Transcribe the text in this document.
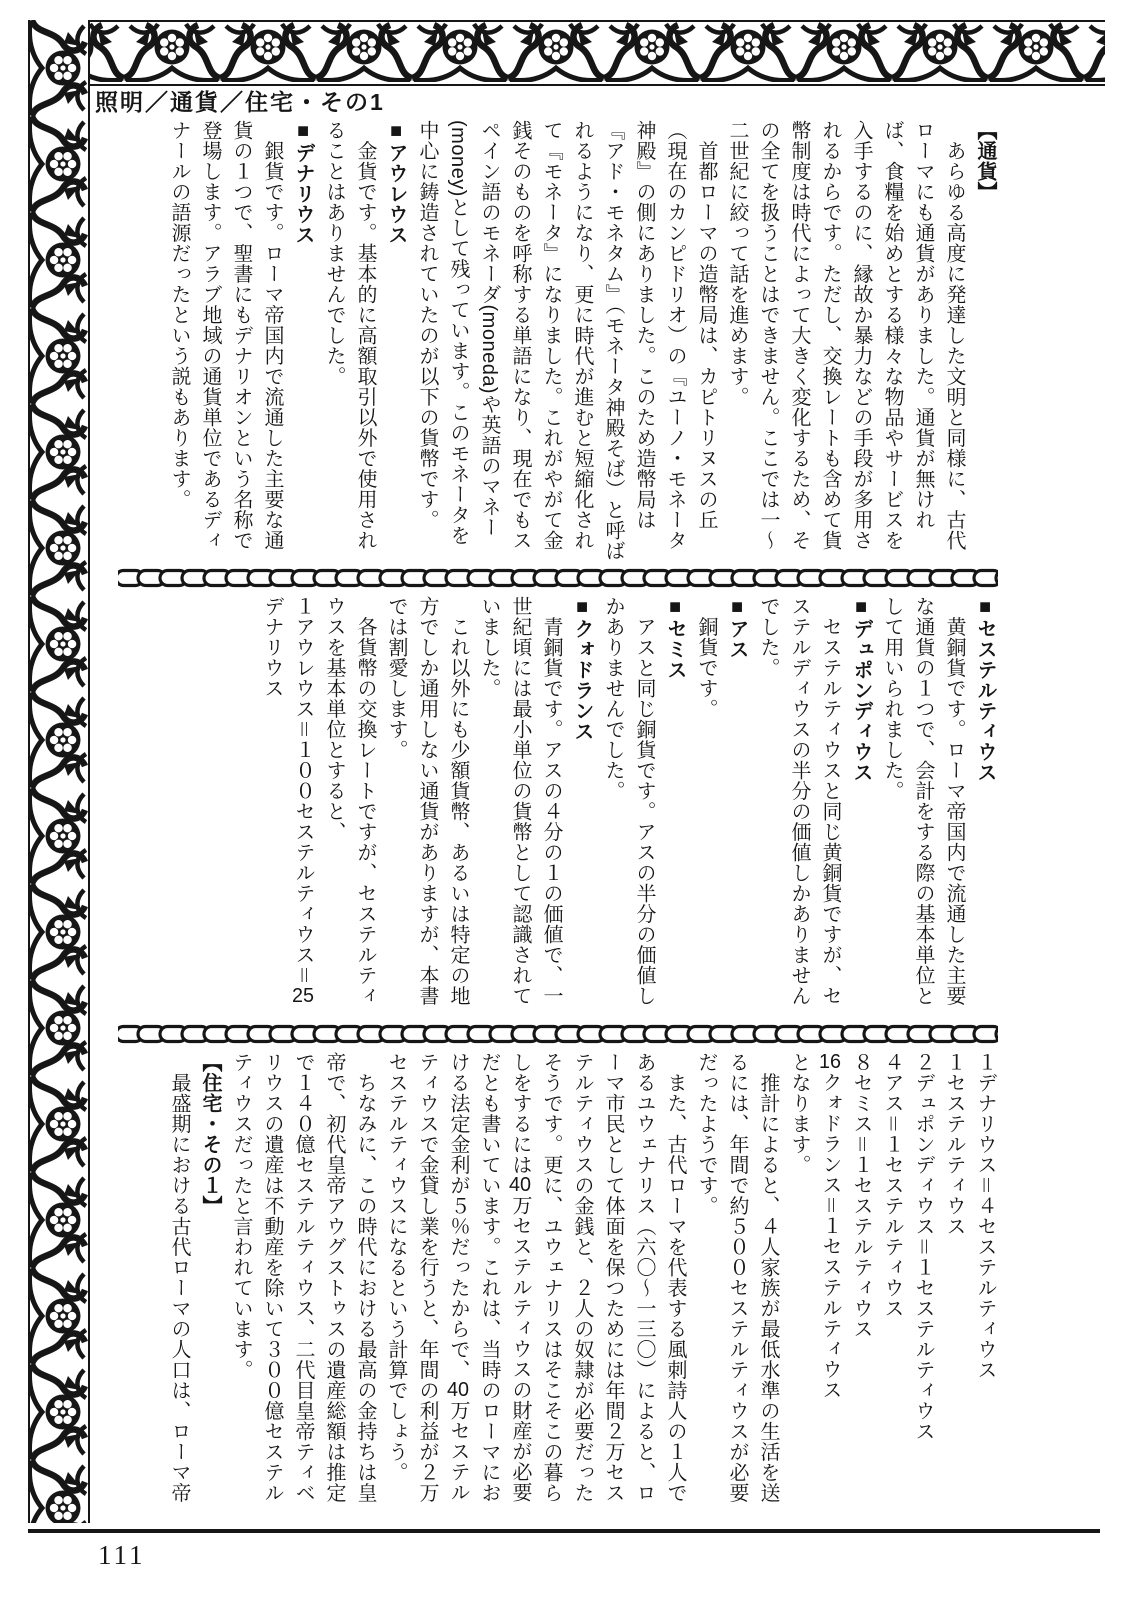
照明／通貨／住宅・その1

【通貨】

　あらゆる高度に発達した文明と同様に、古代ローマにも通貨がありました。通貨が無ければ、食糧を始めとする様々な物品やサービスを入手するのに、縁故か暴力などの手段が多用されるからです。ただし、交換レートも含めて貨幣制度は時代によって大きく変化するため、その全てを扱うことはできません。ここでは一〜二世紀に絞って話を進めます。

　首都ローマの造幣局は、カピトリヌスの丘（現在のカンピドリオ）の『ユーノ・モネータ神殿』の側にありました。このため造幣局は『アド・モネタム』（モネータ神殿そば）と呼ばれるようになり、更に時代が進むと短縮化されて『モネータ』になりました。これがやがて金銭そのものを呼称する単語になり、現在でもスペイン語のモネーダ(moneda)や英語のマネー(money)として残っています。このモネータを中心に鋳造されていたのが以下の貨幣です。

■アウレウス

　金貨です。基本的に高額取引以外で使用されることはありませんでした。

■デナリウス

　銀貨です。ローマ帝国内で流通した主要な通貨の１つで、聖書にもデナリオンという名称で登場します。アラブ地域の通貨単位であるディナールの語源だったという説もあります。

■セステルティウス

　黄銅貨です。ローマ帝国内で流通した主要な通貨の１つで、会計をする際の基本単位として用いられました。

■デュポンディウス

　セステルティウスと同じ黄銅貨ですが、セステルディウスの半分の価値しかありませんでした。

■アス

　銅貨です。

■セミス

　アスと同じ銅貨です。アスの半分の価値しかありませんでした。

■クォドランス

　青銅貨です。アスの４分の１の価値で、一世紀頃には最小単位の貨幣として認識されていました。

　これ以外にも少額貨幣、あるいは特定の地方でしか通用しない通貨がありますが、本書では割愛します。

　各貨幣の交換レートですが、セステルティウスを基本単位とすると、

１アウレウス＝１００セステルティウス＝25デナリウス

１デナリウス＝４セステルティウス

１セステルティウス

２デュポンディウス＝１セステルティウス

４アス＝１セステルティウス

８セミス＝１セステルティウス

16クォドランス＝１セステルティウス

となります。

　推計によると、４人家族が最低水準の生活を送るには、年間で約５００セステルティウスが必要だったようです。

　また、古代ローマを代表する風刺詩人の１人であるユウェナリス（六〇〜一三〇）によると、ローマ市民として体面を保つためには年間２万セステルティウスの金銭と、２人の奴隷が必要だったそうです。更に、ユウェナリスはそこそこの暮らしをするには40万セステルティウスの財産が必要だとも書いています。これは、当時のローマにおける法定金利が５％だったからで、40万セステルティウスで金貸し業を行うと、年間の利益が２万セステルティウスになるという計算でしょう。

　ちなみに、この時代における最高の金持ちは皇帝で、初代皇帝アウグストゥスの遺産総額は推定で１４０億セステルティウス、二代目皇帝ティベリウスの遺産は不動産を除いて３００億セステルティウスだったと言われています。

【住宅・その１】

　最盛期における古代ローマの人口は、ローマ帝

111
